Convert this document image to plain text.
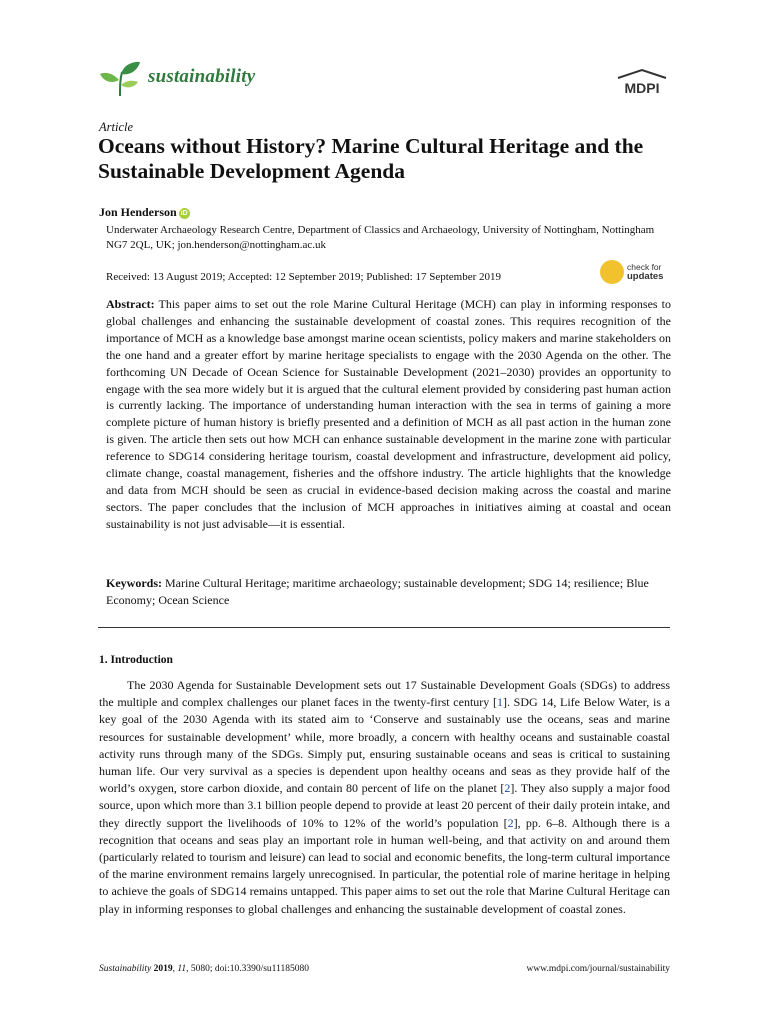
sustainability
MDPI
Article
Oceans without History? Marine Cultural Heritage and the Sustainable Development Agenda
Jon Henderson iD
Underwater Archaeology Research Centre, Department of Classics and Archaeology, University of Nottingham, Nottingham NG7 2QL, UK; jon.henderson@nottingham.ac.uk
Received: 13 August 2019; Accepted: 12 September 2019; Published: 17 September 2019
check for
updates

Abstract: This paper aims to set out the role Marine Cultural Heritage (MCH) can play in informing responses to global challenges and enhancing the sustainable development of coastal zones. This requires recognition of the importance of MCH as a knowledge base amongst marine ocean scientists, policy makers and marine stakeholders on the one hand and a greater effort by marine heritage specialists to engage with the 2030 Agenda on the other. The forthcoming UN Decade of Ocean Science for Sustainable Development (2021–2030) provides an opportunity to engage with the sea more widely but it is argued that the cultural element provided by considering past human action is currently lacking. The importance of understanding human interaction with the sea in terms of gaining a more complete picture of human history is briefly presented and a definition of MCH as all past action in the human zone is given. The article then sets out how MCH can enhance sustainable development in the marine zone with particular reference to SDG14 considering heritage tourism, coastal development and infrastructure, development aid policy, climate change, coastal management, fisheries and the offshore industry. The article highlights that the knowledge and data from MCH should be seen as crucial in evidence-based decision making across the coastal and marine sectors. The paper concludes that the inclusion of MCH approaches in initiatives aiming at coastal and ocean sustainability is not just advisable—it is essential.

Keywords: Marine Cultural Heritage; maritime archaeology; sustainable development; SDG 14; resilience; Blue Economy; Ocean Science

1. Introduction

The 2030 Agenda for Sustainable Development sets out 17 Sustainable Development Goals (SDGs) to address the multiple and complex challenges our planet faces in the twenty-first century [1]. SDG 14, Life Below Water, is a key goal of the 2030 Agenda with its stated aim to ‘Conserve and sustainably use the oceans, seas and marine resources for sustainable development’ while, more broadly, a concern with healthy oceans and sustainable coastal activity runs through many of the SDGs. Simply put, ensuring sustainable oceans and seas is critical to sustaining human life. Our very survival as a species is dependent upon healthy oceans and seas as they provide half of the world’s oxygen, store carbon dioxide, and contain 80 percent of life on the planet [2]. They also supply a major food source, upon which more than 3.1 billion people depend to provide at least 20 percent of their daily protein intake, and they directly support the livelihoods of 10% to 12% of the world’s population [2], pp. 6–8. Although there is a recognition that oceans and seas play an important role in human well-being, and that activity on and around them (particularly related to tourism and leisure) can lead to social and economic benefits, the long-term cultural importance of the marine environment remains largely unrecognised. In particular, the potential role of marine heritage in helping to achieve the goals of SDG14 remains untapped. This paper aims to set out the role that Marine Cultural Heritage can play in informing responses to global challenges and enhancing the sustainable development of coastal zones.

Sustainability 2019, 11, 5080; doi:10.3390/su11185080	www.mdpi.com/journal/sustainability
